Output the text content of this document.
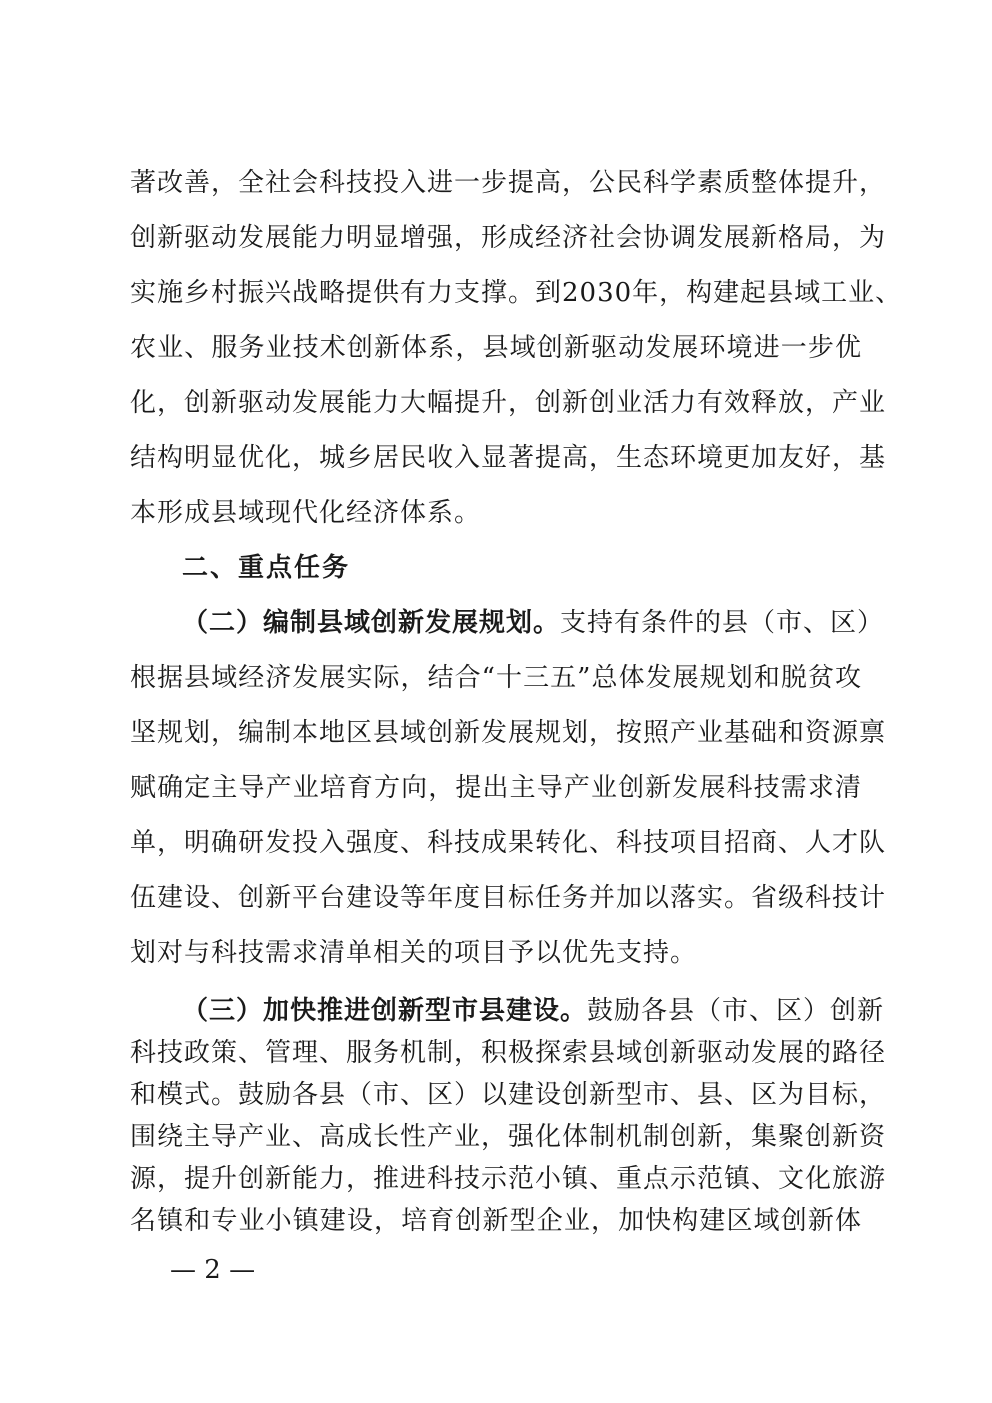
著改善，全社会科技投入进一步提高，公民科学素质整体提升，
创新驱动发展能力明显增强，形成经济社会协调发展新格局，为
实施乡村振兴战略提供有力支撑。到2030年，构建起县域工业、
农业、服务业技术创新体系，县域创新驱动发展环境进一步优
化，创新驱动发展能力大幅提升，创新创业活力有效释放，产业
结构明显优化，城乡居民收入显著提高，生态环境更加友好，基
本形成县域现代化经济体系。
二、重点任务
（二）编制县域创新发展规划。支持有条件的县（市、区）
根据县域经济发展实际，结合“十三五”总体发展规划和脱贫攻
坚规划，编制本地区县域创新发展规划，按照产业基础和资源禀
赋确定主导产业培育方向，提出主导产业创新发展科技需求清
单，明确研发投入强度、科技成果转化、科技项目招商、人才队
伍建设、创新平台建设等年度目标任务并加以落实。省级科技计
划对与科技需求清单相关的项目予以优先支持。
（三）加快推进创新型市县建设。鼓励各县（市、区）创新
科技政策、管理、服务机制，积极探索县域创新驱动发展的路径
和模式。鼓励各县（市、区）以建设创新型市、县、区为目标，
围绕主导产业、高成长性产业，强化体制机制创新，集聚创新资
源，提升创新能力，推进科技示范小镇、重点示范镇、文化旅游
— 2 —
名镇和专业小镇建设，培育创新型企业，加快构建区域创新体
